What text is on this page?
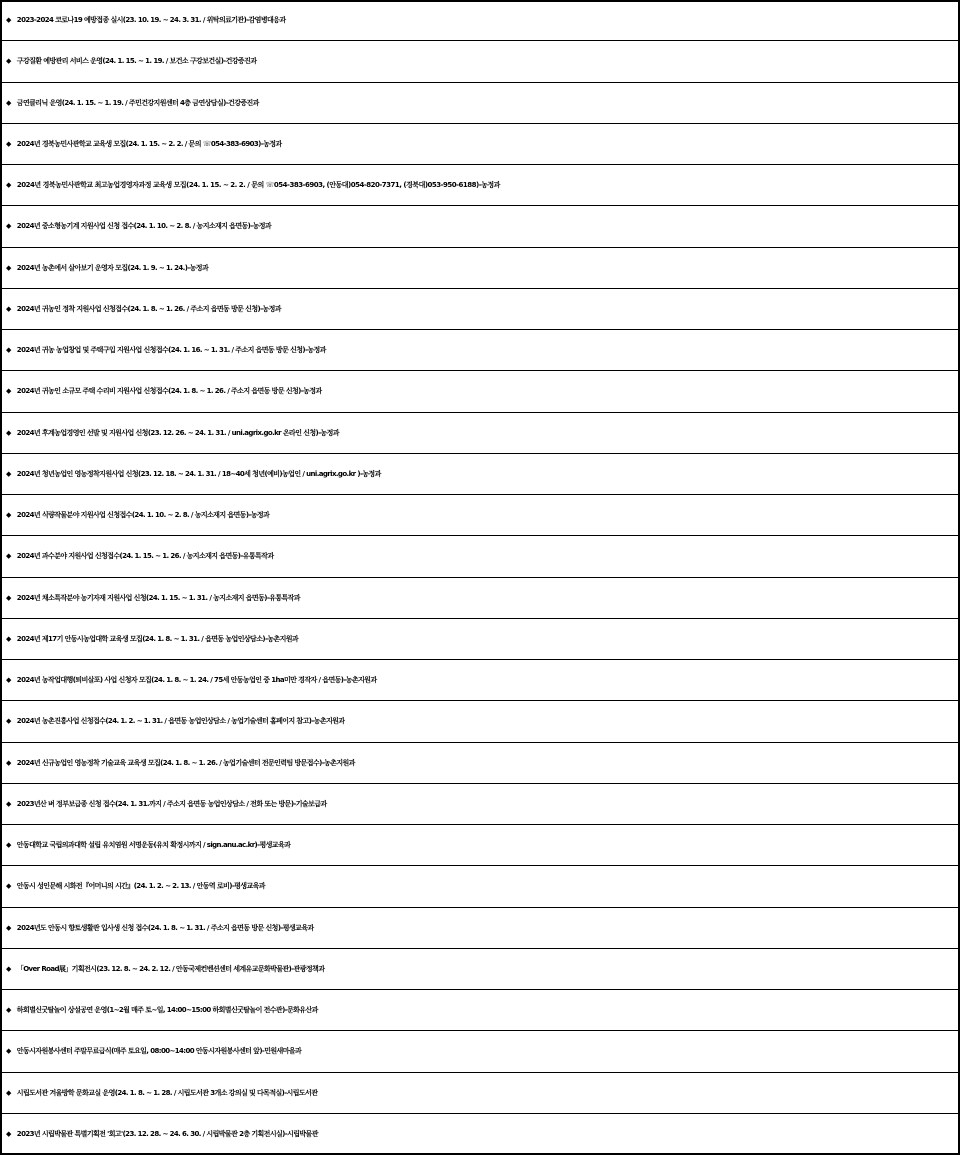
◆ 2023-2024 코로나19 예방접종 실시(23. 10. 19. ~ 24. 3. 31. / 위탁의료기관)-감염병대응과
◆ 구강질환 예방관리 서비스 운영(24. 1. 15. ~ 1. 19. / 보건소 구강보건실)-건강증진과
◆ 금연클리닉 운영(24. 1. 15. ~ 1. 19. / 주민건강지원센터 4층 금연상담실)-건강증진과
◆ 2024년 경북농민사관학교 교육생 모집(24. 1. 15. ~ 2. 2. / 문의 ☏054-383-6903)-농정과
◆ 2024년 경북농민사관학교 최고농업경영자과정 교육생 모집(24. 1. 15. ~ 2. 2. / 문의 ☏054-383-6903, (안동대)054-820-7371, (경북대)053-950-6188)-농정과
◆ 2024년 중소형농기계 지원사업 신청 접수(24. 1. 10. ~ 2. 8. / 농지소재지 읍면동)-농정과
◆ 2024년 농촌에서 살아보기 운영자 모집(24. 1. 9. ~ 1. 24.)-농정과
◆ 2024년 귀농인 정착 지원사업 신청접수(24. 1. 8. ~ 1. 26. / 주소지 읍면동 방문 신청)-농정과
◆ 2024년 귀농 농업창업 및 주택구입 지원사업 신청접수(24. 1. 16. ~ 1. 31. / 주소지 읍면동 방문 신청)-농정과
◆ 2024년 귀농인 소규모 주택 수리비 지원사업 신청접수(24. 1. 8. ~ 1. 26. / 주소지 읍면동 방문 신청)-농정과
◆ 2024년 후계농업경영인 선발 및 지원사업 신청(23. 12. 26. ~ 24. 1. 31. / uni.agrix.go.kr 온라인 신청)-농정과
◆ 2024년 청년농업인 영농정착지원사업 신청(23. 12. 18. ~ 24. 1. 31. / 18~40세 청년(예비)농업인 / uni.agrix.go.kr )-농정과
◆ 2024년 식량작물분야 지원사업 신청접수(24. 1. 10. ~ 2. 8. / 농지소재지 읍면동)-농정과
◆ 2024년 과수분야 지원사업 신청접수(24. 1. 15. ~ 1. 26. / 농지소재지 읍면동)-유통특작과
◆ 2024년 채소특작분야 농기자재 지원사업 신청(24. 1. 15. ~ 1. 31. / 농지소재지 읍면동)-유통특작과
◆ 2024년 제17기 안동시농업대학 교육생 모집(24. 1. 8. ~ 1. 31. / 읍면동 농업인상담소)-농촌지원과
◆ 2024년 농작업대행(퇴비살포) 사업 신청자 모집(24. 1. 8. ~ 1. 24. / 75세 안동농업인 중 1ha미만 경작자 / 읍면동)-농촌지원과
◆ 2024년 농촌진흥사업 신청접수(24. 1. 2. ~ 1. 31. / 읍면동 농업인상담소 / 농업기술센터 홈페이지 참고)-농촌지원과
◆ 2024년 신규농업인 영농정착 기술교육 교육생 모집(24. 1. 8. ~ 1. 26. / 농업기술센터 전문인력팀 방문접수)-농촌지원과
◆ 2023년산 벼 정부보급종 신청 접수(24. 1. 31.까지 / 주소지 읍면동 농업인상담소 / 전화 또는 방문)-기술보급과
◆ 안동대학교 국립의과대학 설립 유치염원 서명운동(유치 확정시까지 / sign.anu.ac.kr)-평생교육과
◆ 안동시 성인문해 시화전『어머니의 시간』(24. 1. 2. ~ 2. 13. / 안동역 로비)-평생교육과
◆ 2024년도 안동시 향토생활관 입사생 신청 접수(24. 1. 8. ~ 1. 31. / 주소지 읍면동 방문 신청)-평생교육과
◆ 「Over Road展」기획전시(23. 12. 8. ~ 24. 2. 12. / 안동국제컨벤션센터 세계유교문화박물관)-관광정책과
◆ 하회별신굿탈놀이 상설공연 운영(1~2월 매주 토~일, 14:00~15:00 하회별신굿탈놀이 전수관)-문화유산과
◆ 안동시자원봉사센터 주말무료급식(매주 토요일, 08:00~14:00 안동시자원봉사센터 앞)-민원새마을과
◆ 시립도서관 겨울방학 문화교실 운영(24. 1. 8. ~ 1. 28. / 시립도서관 3개소 강의실 및 다목적실)-시립도서관
◆ 2023년 시립박물관 특별기획전 '회고'(23. 12. 28. ~ 24. 6. 30. / 시립박물관 2층 기획전시실)-시립박물관
